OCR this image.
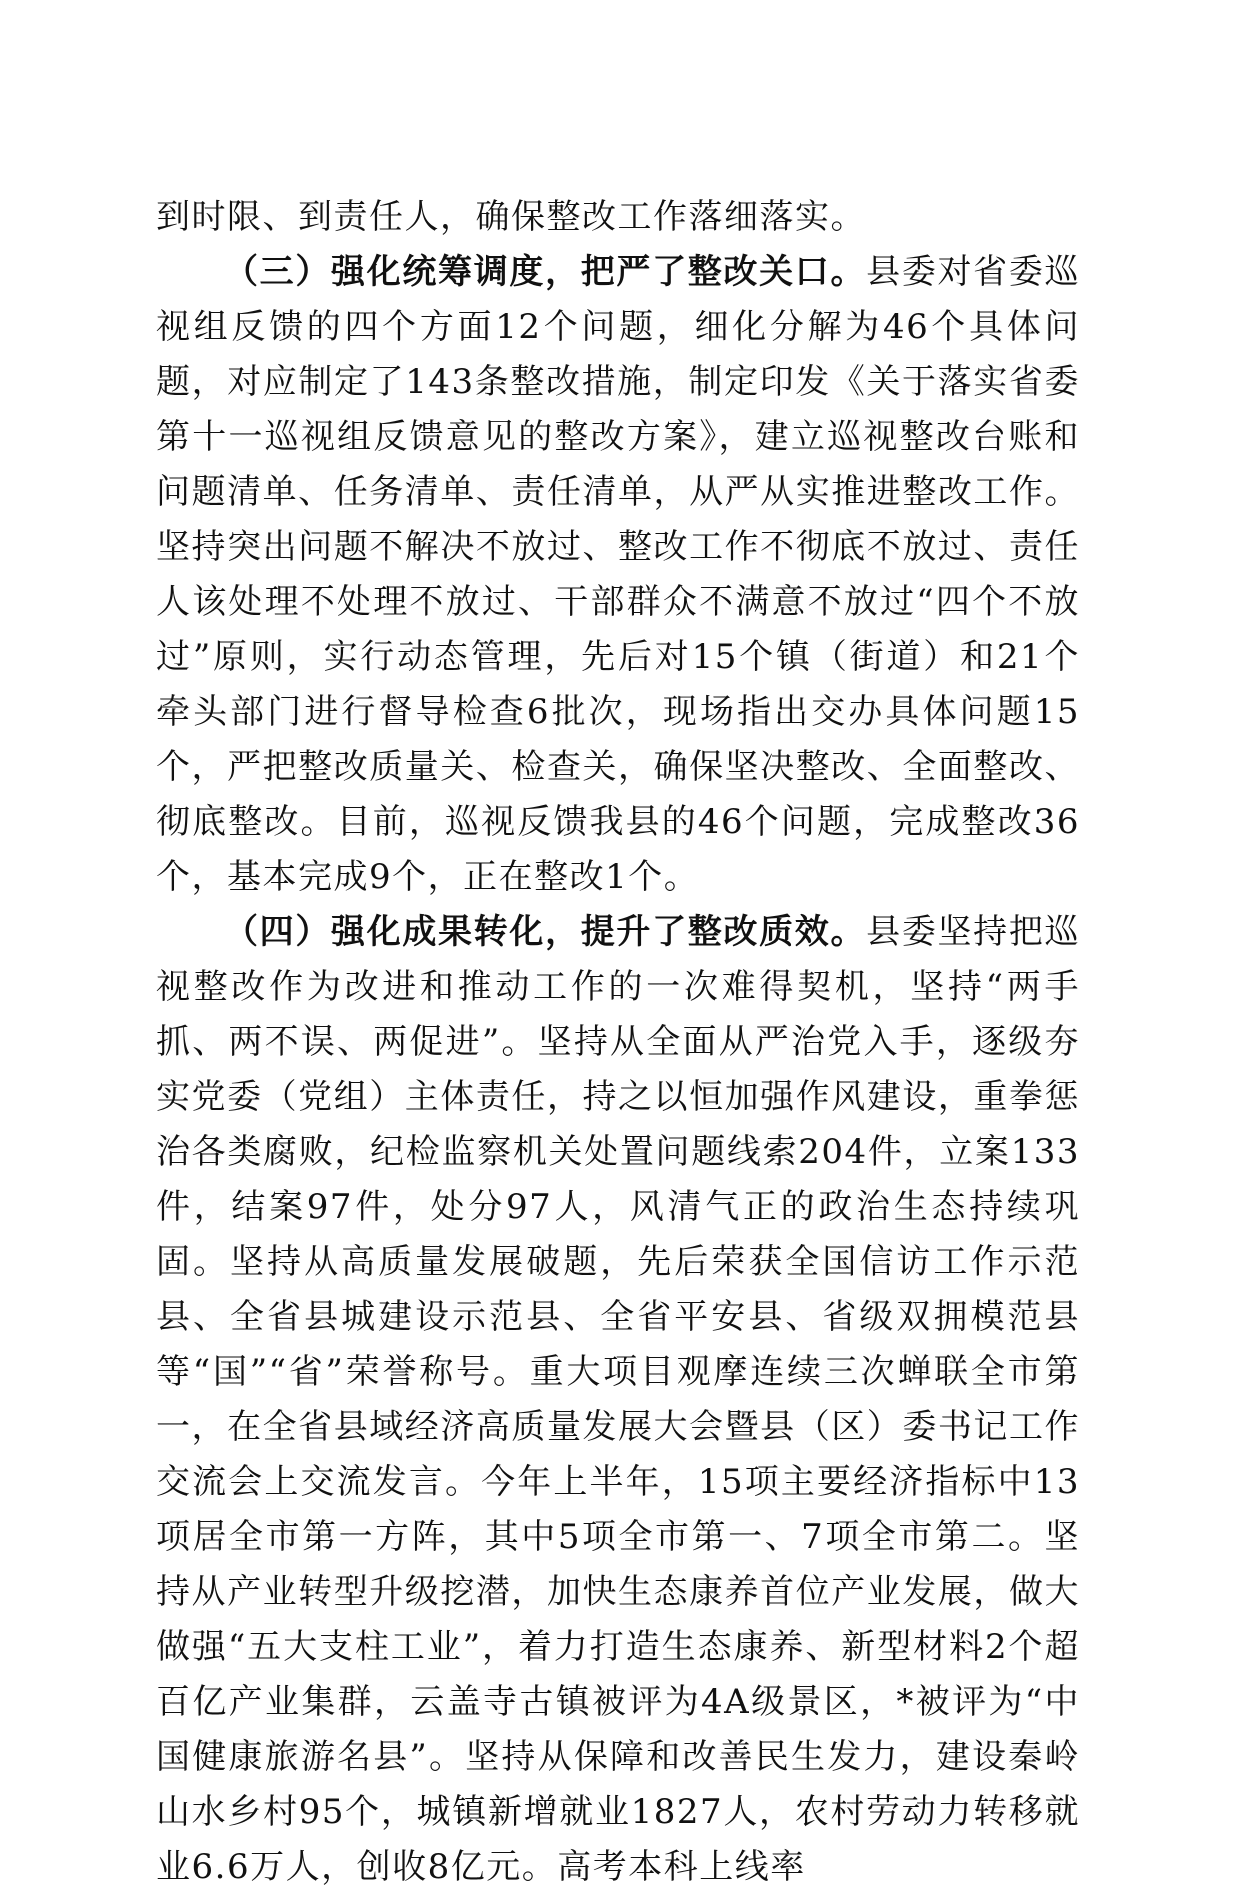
到时限、到责任人，确保整改工作落细落实。

（三）强化统筹调度，把严了整改关口。县委对省委巡视组反馈的四个方面12个问题，细化分解为46个具体问题，对应制定了143条整改措施，制定印发《关于落实省委第十一巡视组反馈意见的整改方案》，建立巡视整改台账和问题清单、任务清单、责任清单，从严从实推进整改工作。坚持突出问题不解决不放过、整改工作不彻底不放过、责任人该处理不处理不放过、干部群众不满意不放过“四个不放过”原则，实行动态管理，先后对15个镇（街道）和21个牵头部门进行督导检查6批次，现场指出交办具体问题15个，严把整改质量关、检查关，确保坚决整改、全面整改、彻底整改。目前，巡视反馈我县的46个问题，完成整改36个，基本完成9个，正在整改1个。

（四）强化成果转化，提升了整改质效。县委坚持把巡视整改作为改进和推动工作的一次难得契机，坚持“两手抓、两不误、两促进”。坚持从全面从严治党入手，逐级夯实党委（党组）主体责任，持之以恒加强作风建设，重拳惩治各类腐败，纪检监察机关处置问题线索204件，立案133件，结案97件，处分97人，风清气正的政治生态持续巩固。坚持从高质量发展破题，先后荣获全国信访工作示范县、全省县城建设示范县、全省平安县、省级双拥模范县等“国”“省”荣誉称号。重大项目观摩连续三次蝉联全市第一，在全省县域经济高质量发展大会暨县（区）委书记工作交流会上交流发言。今年上半年，15项主要经济指标中13项居全市第一方阵，其中5项全市第一、7项全市第二。坚持从产业转型升级挖潜，加快生态康养首位产业发展，做大做强“五大支柱工业”，着力打造生态康养、新型材料2个超百亿产业集群，云盖寺古镇被评为4A级景区，*被评为“中国健康旅游名县”。坚持从保障和改善民生发力，建设秦岭山水乡村95个，城镇新增就业1827人，农村劳动力转移就业6.6万人，创收8亿元。高考本科上线率
